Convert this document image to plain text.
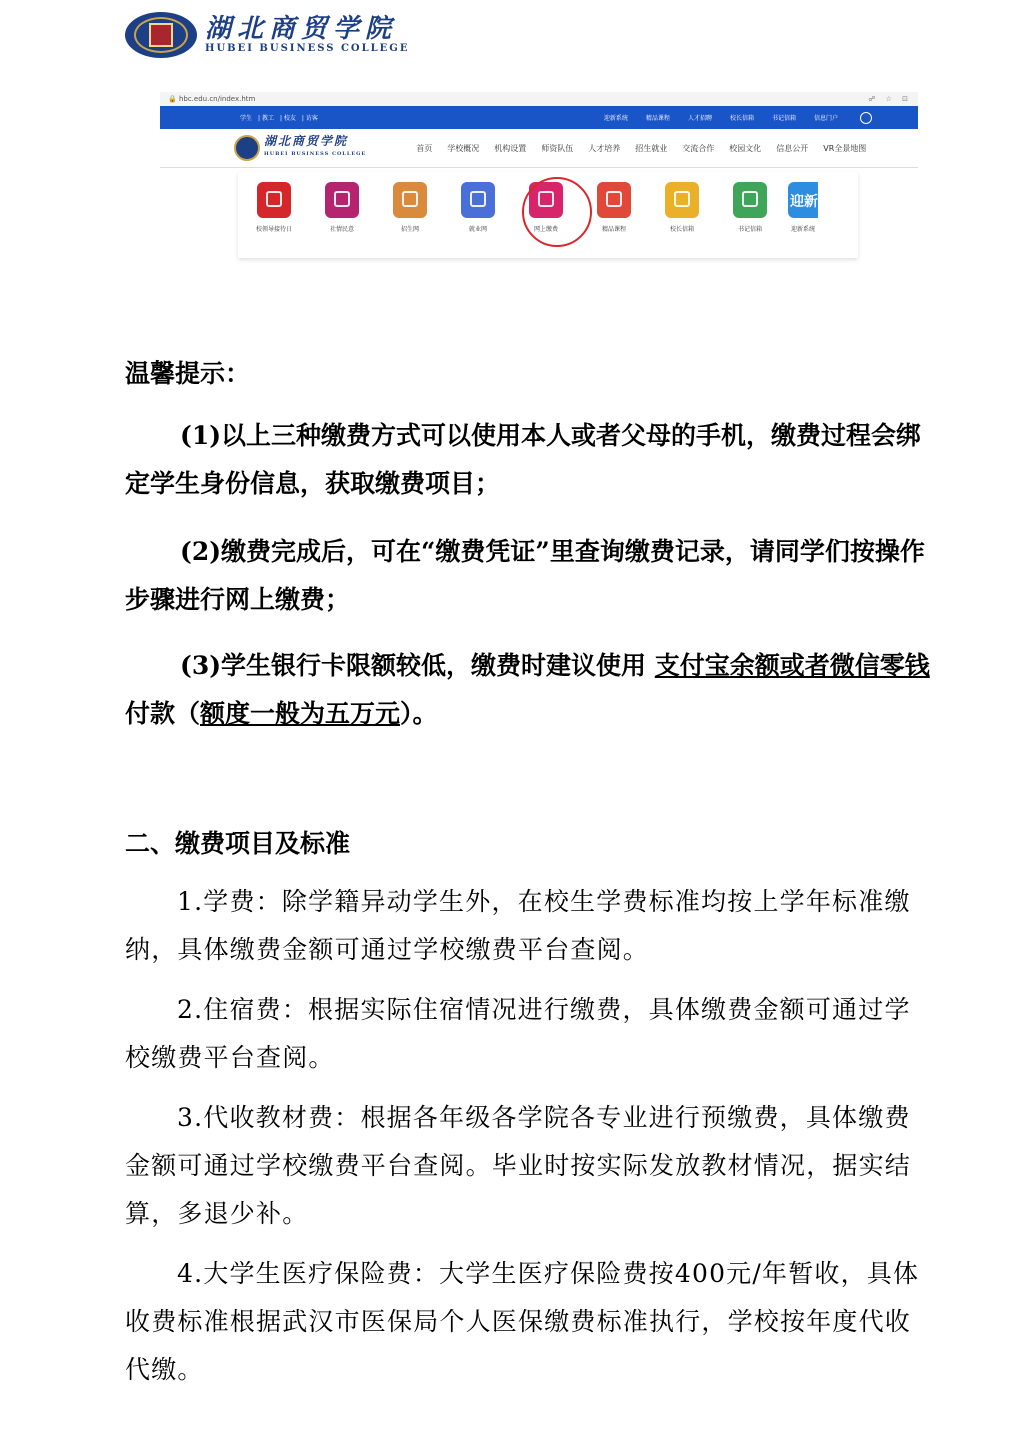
湖北商贸学院
HUBEI BUSINESS COLLEGE
🔒 hbc.edu.cn/index.htm	☍ ☆ ⊡
学生 | 教工 | 校友 | 访客	迎新系统	精品课程	人才招聘	校长信箱	书记信箱	信息门户
湖北商贸学院
HUBEI BUSINESS COLLEGE
首页 学校概况 机构设置 师资队伍 人才培养 招生就业 交流合作 校园文化 信息公开 VR全景地图
校领导接待日	社情民意	招生网	就业网	网上缴费	精品课程	校长信箱	书记信箱
迎新
迎新系统
温馨提示：
(1)以上三种缴费方式可以使用本人或者父母的手机，缴费过程会绑定学生身份信息，获取缴费项目；
(2)缴费完成后，可在“缴费凭证”里查询缴费记录，请同学们按操作步骤进行网上缴费；
(3)学生银行卡限额较低，缴费时建议使用 支付宝余额或者微信零钱付款（额度一般为五万元）。
二、缴费项目及标准
1.学费：除学籍异动学生外，在校生学费标准均按上学年标准缴纳，具体缴费金额可通过学校缴费平台查阅。
2.住宿费：根据实际住宿情况进行缴费，具体缴费金额可通过学校缴费平台查阅。
3.代收教材费：根据各年级各学院各专业进行预缴费，具体缴费金额可通过学校缴费平台查阅。毕业时按实际发放教材情况，据实结算，多退少补。
4.大学生医疗保险费：大学生医疗保险费按400元/年暂收，具体收费标准根据武汉市医保局个人医保缴费标准执行，学校按年度代收代缴。
